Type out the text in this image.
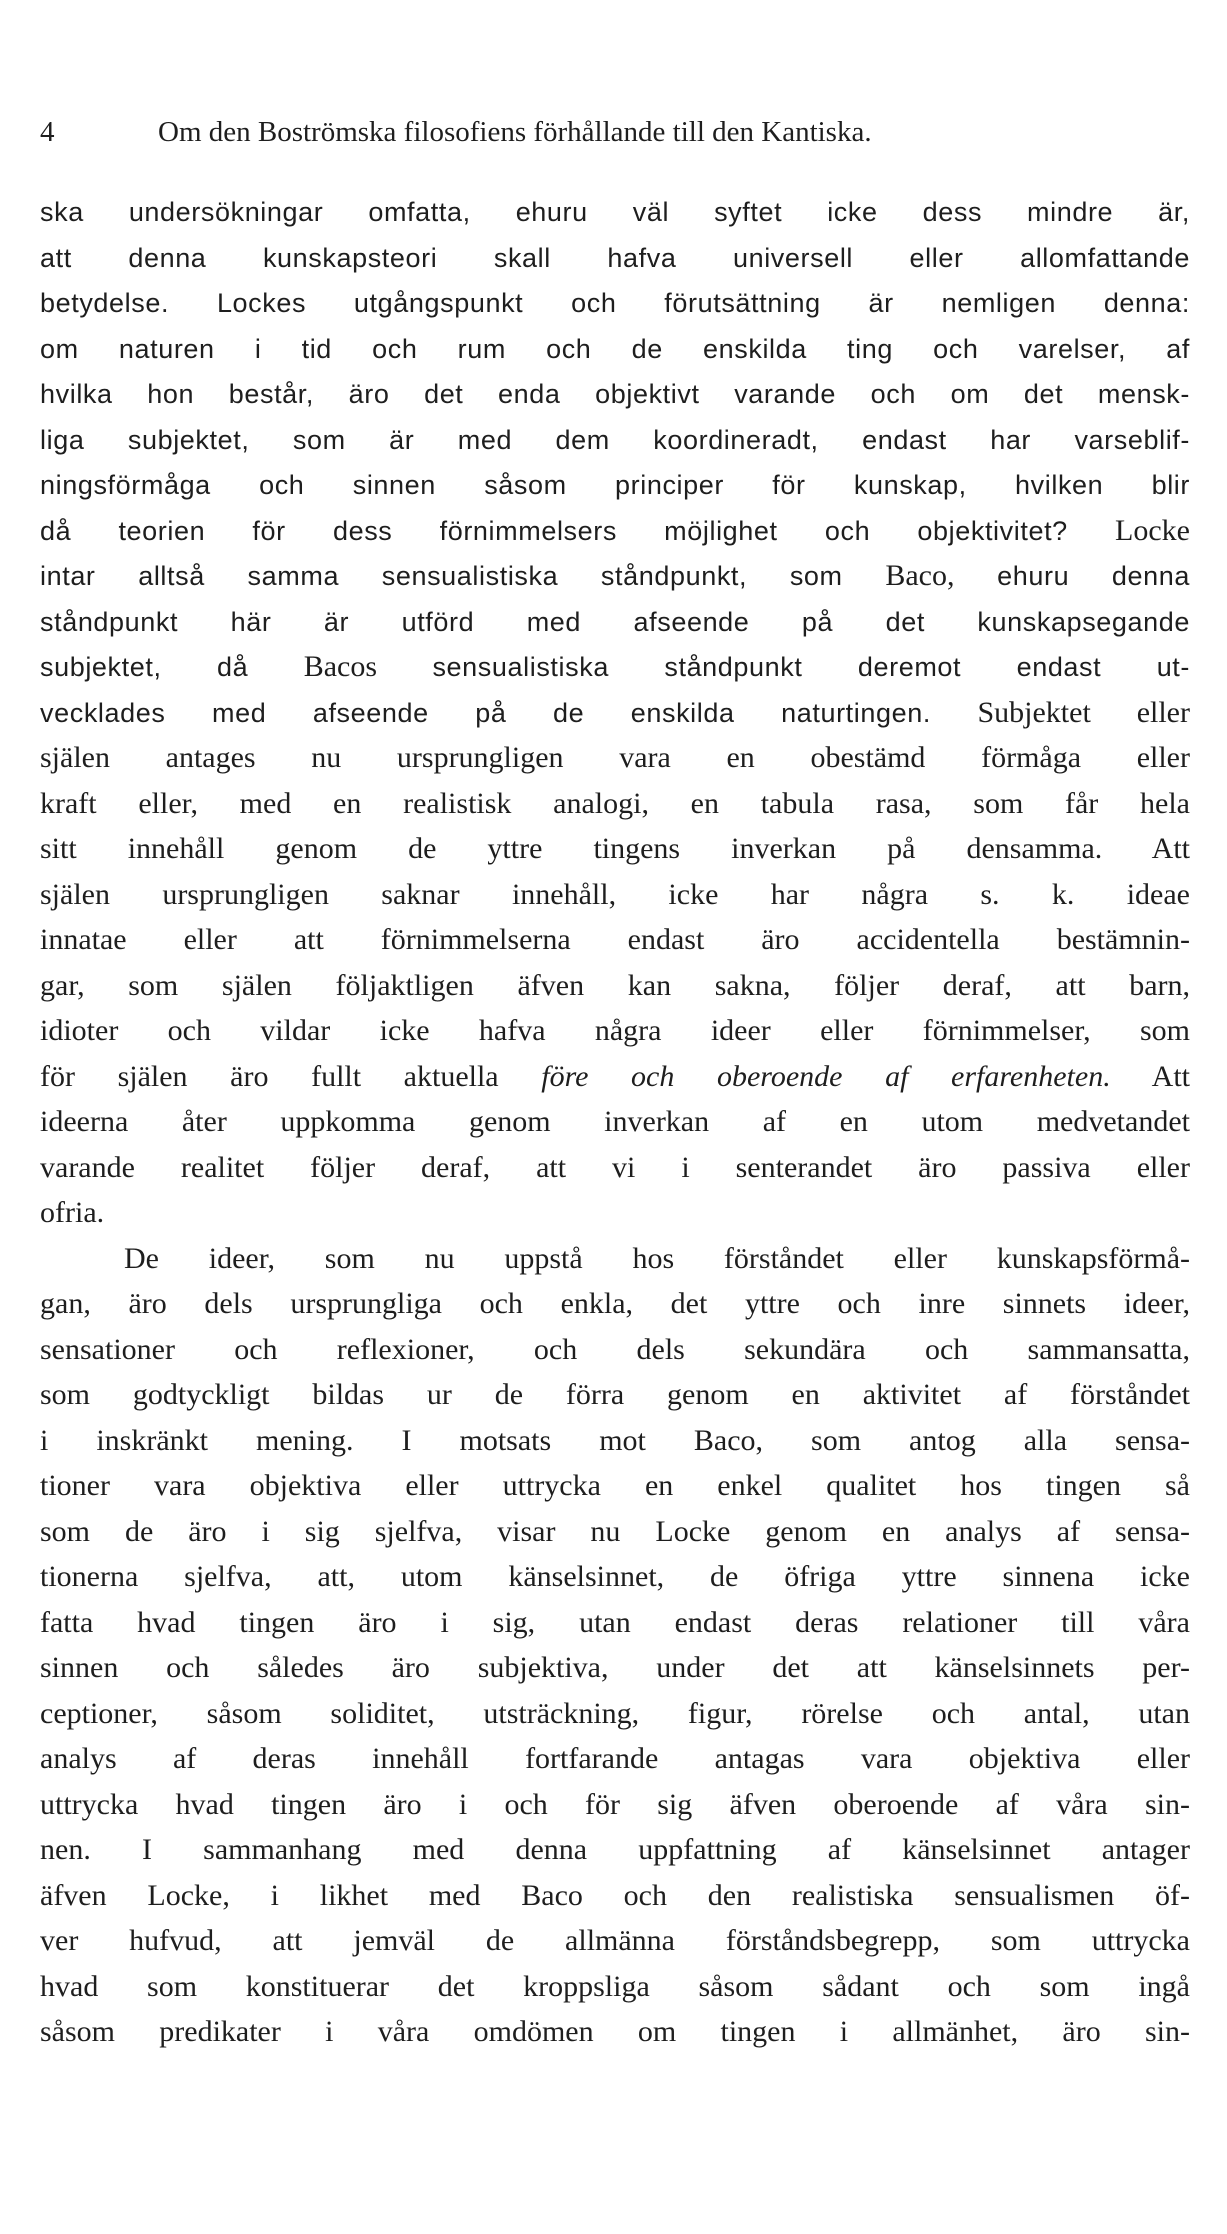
4	Om den Boströmska filosofiens förhållande till den Kantiska.
ska undersökningar omfatta, ehuru väl syftet icke dess mindre är,
att denna kunskapsteori skall hafva universell eller allomfattande
betydelse. Lockes utgångspunkt och förutsättning är nemligen denna:
om naturen i tid och rum och de enskilda ting och varelser, af
hvilka hon består, äro det enda objektivt varande och om det mensk-
liga subjektet, som är med dem koordineradt, endast har varseblif-
ningsförmåga och sinnen såsom principer för kunskap, hvilken blir
då teorien för dess förnimmelsers möjlighet och objektivitet? Locke
intar alltså samma sensualistiska ståndpunkt, som Baco, ehuru denna
ståndpunkt här är utförd med afseende på det kunskapsegande
subjektet, då Bacos sensualistiska ståndpunkt deremot endast ut-
vecklades med afseende på de enskilda naturtingen. Subjektet eller
själen antages nu ursprungligen vara en obestämd förmåga eller
kraft eller, med en realistisk analogi, en tabula rasa, som får hela
sitt innehåll genom de yttre tingens inverkan på densamma. Att
själen ursprungligen saknar innehåll, icke har några s. k. ideae
innatae eller att förnimmelserna endast äro accidentella bestämnin-
gar, som själen följaktligen äfven kan sakna, följer deraf, att barn,
idioter och vildar icke hafva några ideer eller förnimmelser, som
för själen äro fullt aktuella före och oberoende af erfarenheten. Att
ideerna åter uppkomma genom inverkan af en utom medvetandet
varande realitet följer deraf, att vi i senterandet äro passiva eller
ofria.
De ideer, som nu uppstå hos förståndet eller kunskapsförmå-
gan, äro dels ursprungliga och enkla, det yttre och inre sinnets ideer,
sensationer och reflexioner, och dels sekundära och sammansatta,
som godtyckligt bildas ur de förra genom en aktivitet af förståndet
i inskränkt mening. I motsats mot Baco, som antog alla sensa-
tioner vara objektiva eller uttrycka en enkel qualitet hos tingen så
som de äro i sig sjelfva, visar nu Locke genom en analys af sensa-
tionerna sjelfva, att, utom känselsinnet, de öfriga yttre sinnena icke
fatta hvad tingen äro i sig, utan endast deras relationer till våra
sinnen och således äro subjektiva, under det att känselsinnets per-
ceptioner, såsom soliditet, utsträckning, figur, rörelse och antal, utan
analys af deras innehåll fortfarande antagas vara objektiva eller
uttrycka hvad tingen äro i och för sig äfven oberoende af våra sin-
nen. I sammanhang med denna uppfattning af känselsinnet antager
äfven Locke, i likhet med Baco och den realistiska sensualismen öf-
ver hufvud, att jemväl de allmänna förståndsbegrepp, som uttrycka
hvad som konstituerar det kroppsliga såsom sådant och som ingå
såsom predikater i våra omdömen om tingen i allmänhet, äro sin-
